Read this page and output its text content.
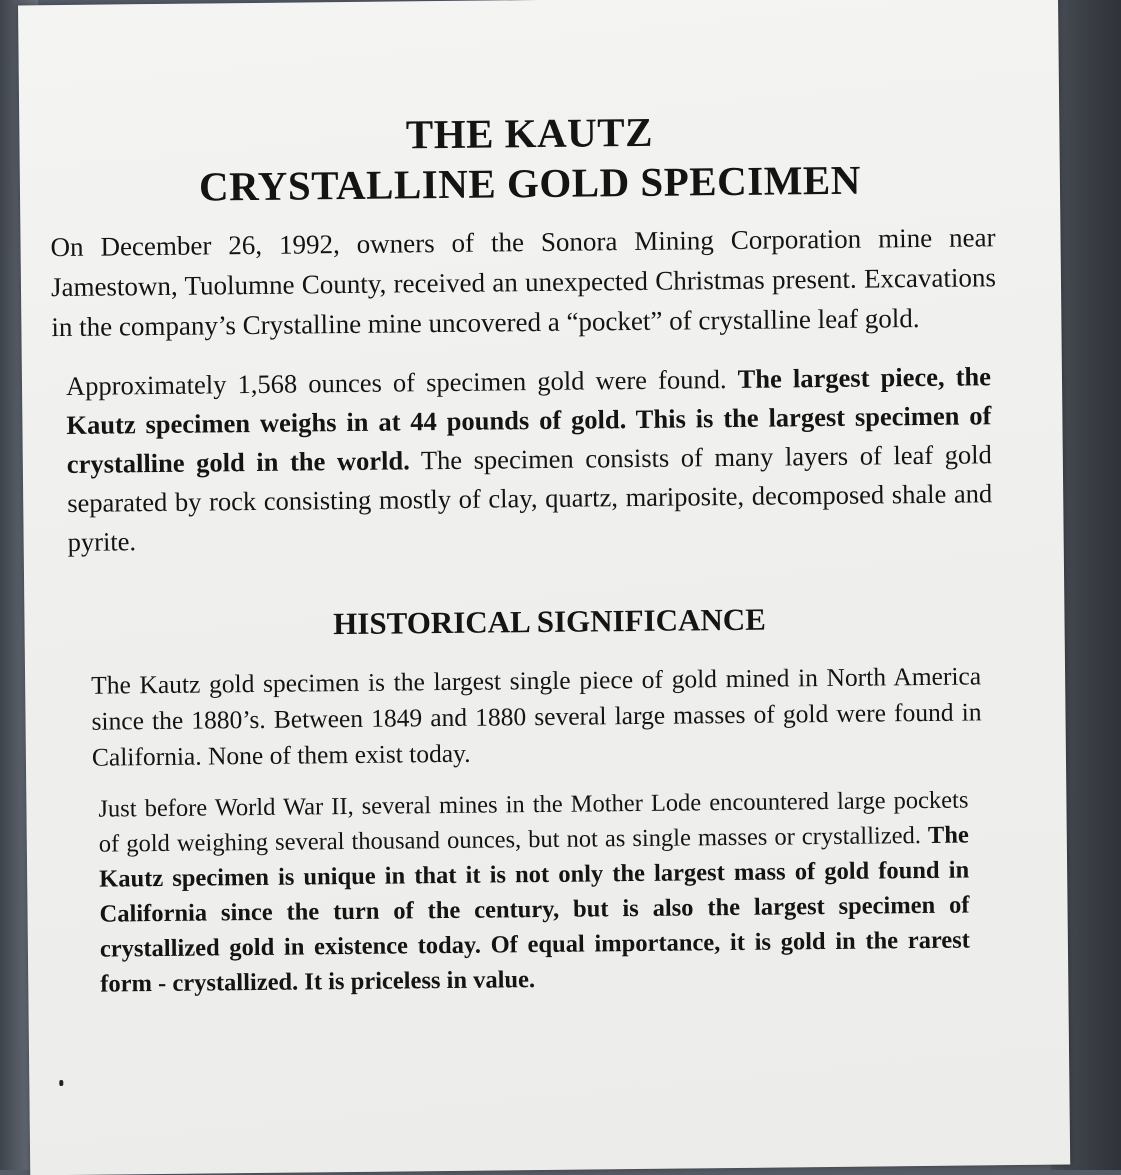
THE KAUTZ
CRYSTALLINE GOLD SPECIMEN

On December 26, 1992, owners of the Sonora Mining Corporation mine near Jamestown, Tuolumne County, received an unexpected Christmas present. Excavations in the company’s Crystalline mine uncovered a “pocket” of crystalline leaf gold.

Approximately 1,568 ounces of specimen gold were found. The largest piece, the Kautz specimen weighs in at 44 pounds of gold. This is the largest specimen of crystalline gold in the world. The specimen consists of many layers of leaf gold separated by rock consisting mostly of clay, quartz, mariposite, decomposed shale and pyrite.

HISTORICAL SIGNIFICANCE

The Kautz gold specimen is the largest single piece of gold mined in North America since the 1880’s. Between 1849 and 1880 several large masses of gold were found in California. None of them exist today.

Just before World War II, several mines in the Mother Lode encountered large pockets of gold weighing several thousand ounces, but not as single masses or crystallized. The Kautz specimen is unique in that it is not only the largest mass of gold found in California since the turn of the century, but is also the largest specimen of crystallized gold in existence today. Of equal importance, it is gold in the rarest form - crystallized. It is priceless in value.
